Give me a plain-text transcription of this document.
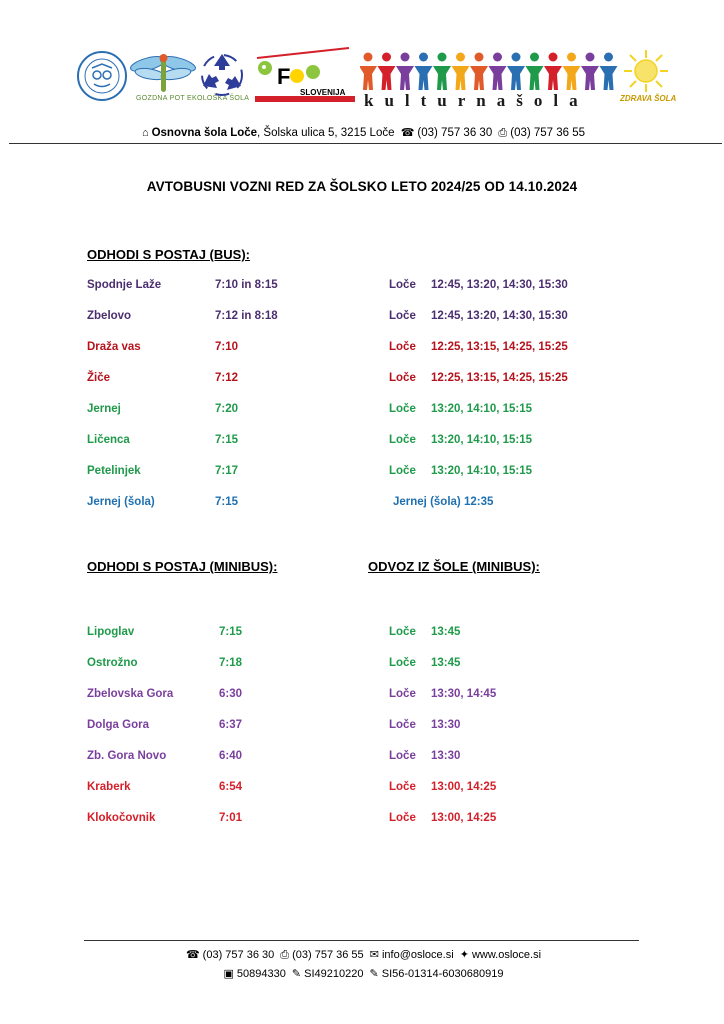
GOZDNA POT EKOLOŠKA ŠOLA
F
SLOVENIJA kulturnašola	ZDRAVA ŠOLA
⌂ Osnovna šola Loče, Šolska ulica 5, 3215 Loče ☎ (03) 757 36 30 ⎙ (03) 757 36 55
AVTOBUSNI VOZNI RED ZA ŠOLSKO LETO 2024/25 OD 14.10.2024
ODHODI S POSTAJ (BUS):
Spodnje Laže	7:10 in 8:15	Loče 12:45, 13:20, 14:30, 15:30
Zbelovo	7:12 in 8:18	Loče 12:45, 13:20, 14:30, 15:30
Draža vas	7:10	Loče 12:25, 13:15, 14:25, 15:25
Žiče	7:12	Loče 12:25, 13:15, 14:25, 15:25
Jernej	7:20	Loče 13:20, 14:10, 15:15
Ličenca	7:15	Loče 13:20, 14:10, 15:15
Petelinjek	7:17	Loče 13:20, 14:10, 15:15
Jernej (šola)	7:15	Jernej (šola) 12:35
ODHODI S POSTAJ (MINIBUS):	ODVOZ IZ ŠOLE (MINIBUS):
Lipoglav	7:15	Loče 13:45
Ostrožno	7:18	Loče 13:45
Zbelovska Gora	6:30	Loče 13:30, 14:45
Dolga Gora	6:37	Loče 13:30
Zb. Gora Novo	6:40	Loče 13:30
Kraberk	6:54	Loče 13:00, 14:25
Klokočovnik	7:01	Loče 13:00, 14:25
☎ (03) 757 36 30 ⎙ (03) 757 36 55 ✉ info@osloce.si ✦ www.osloce.si
▣ 50894330 ✎ SI49210220 ✎ SI56-01314-6030680919
